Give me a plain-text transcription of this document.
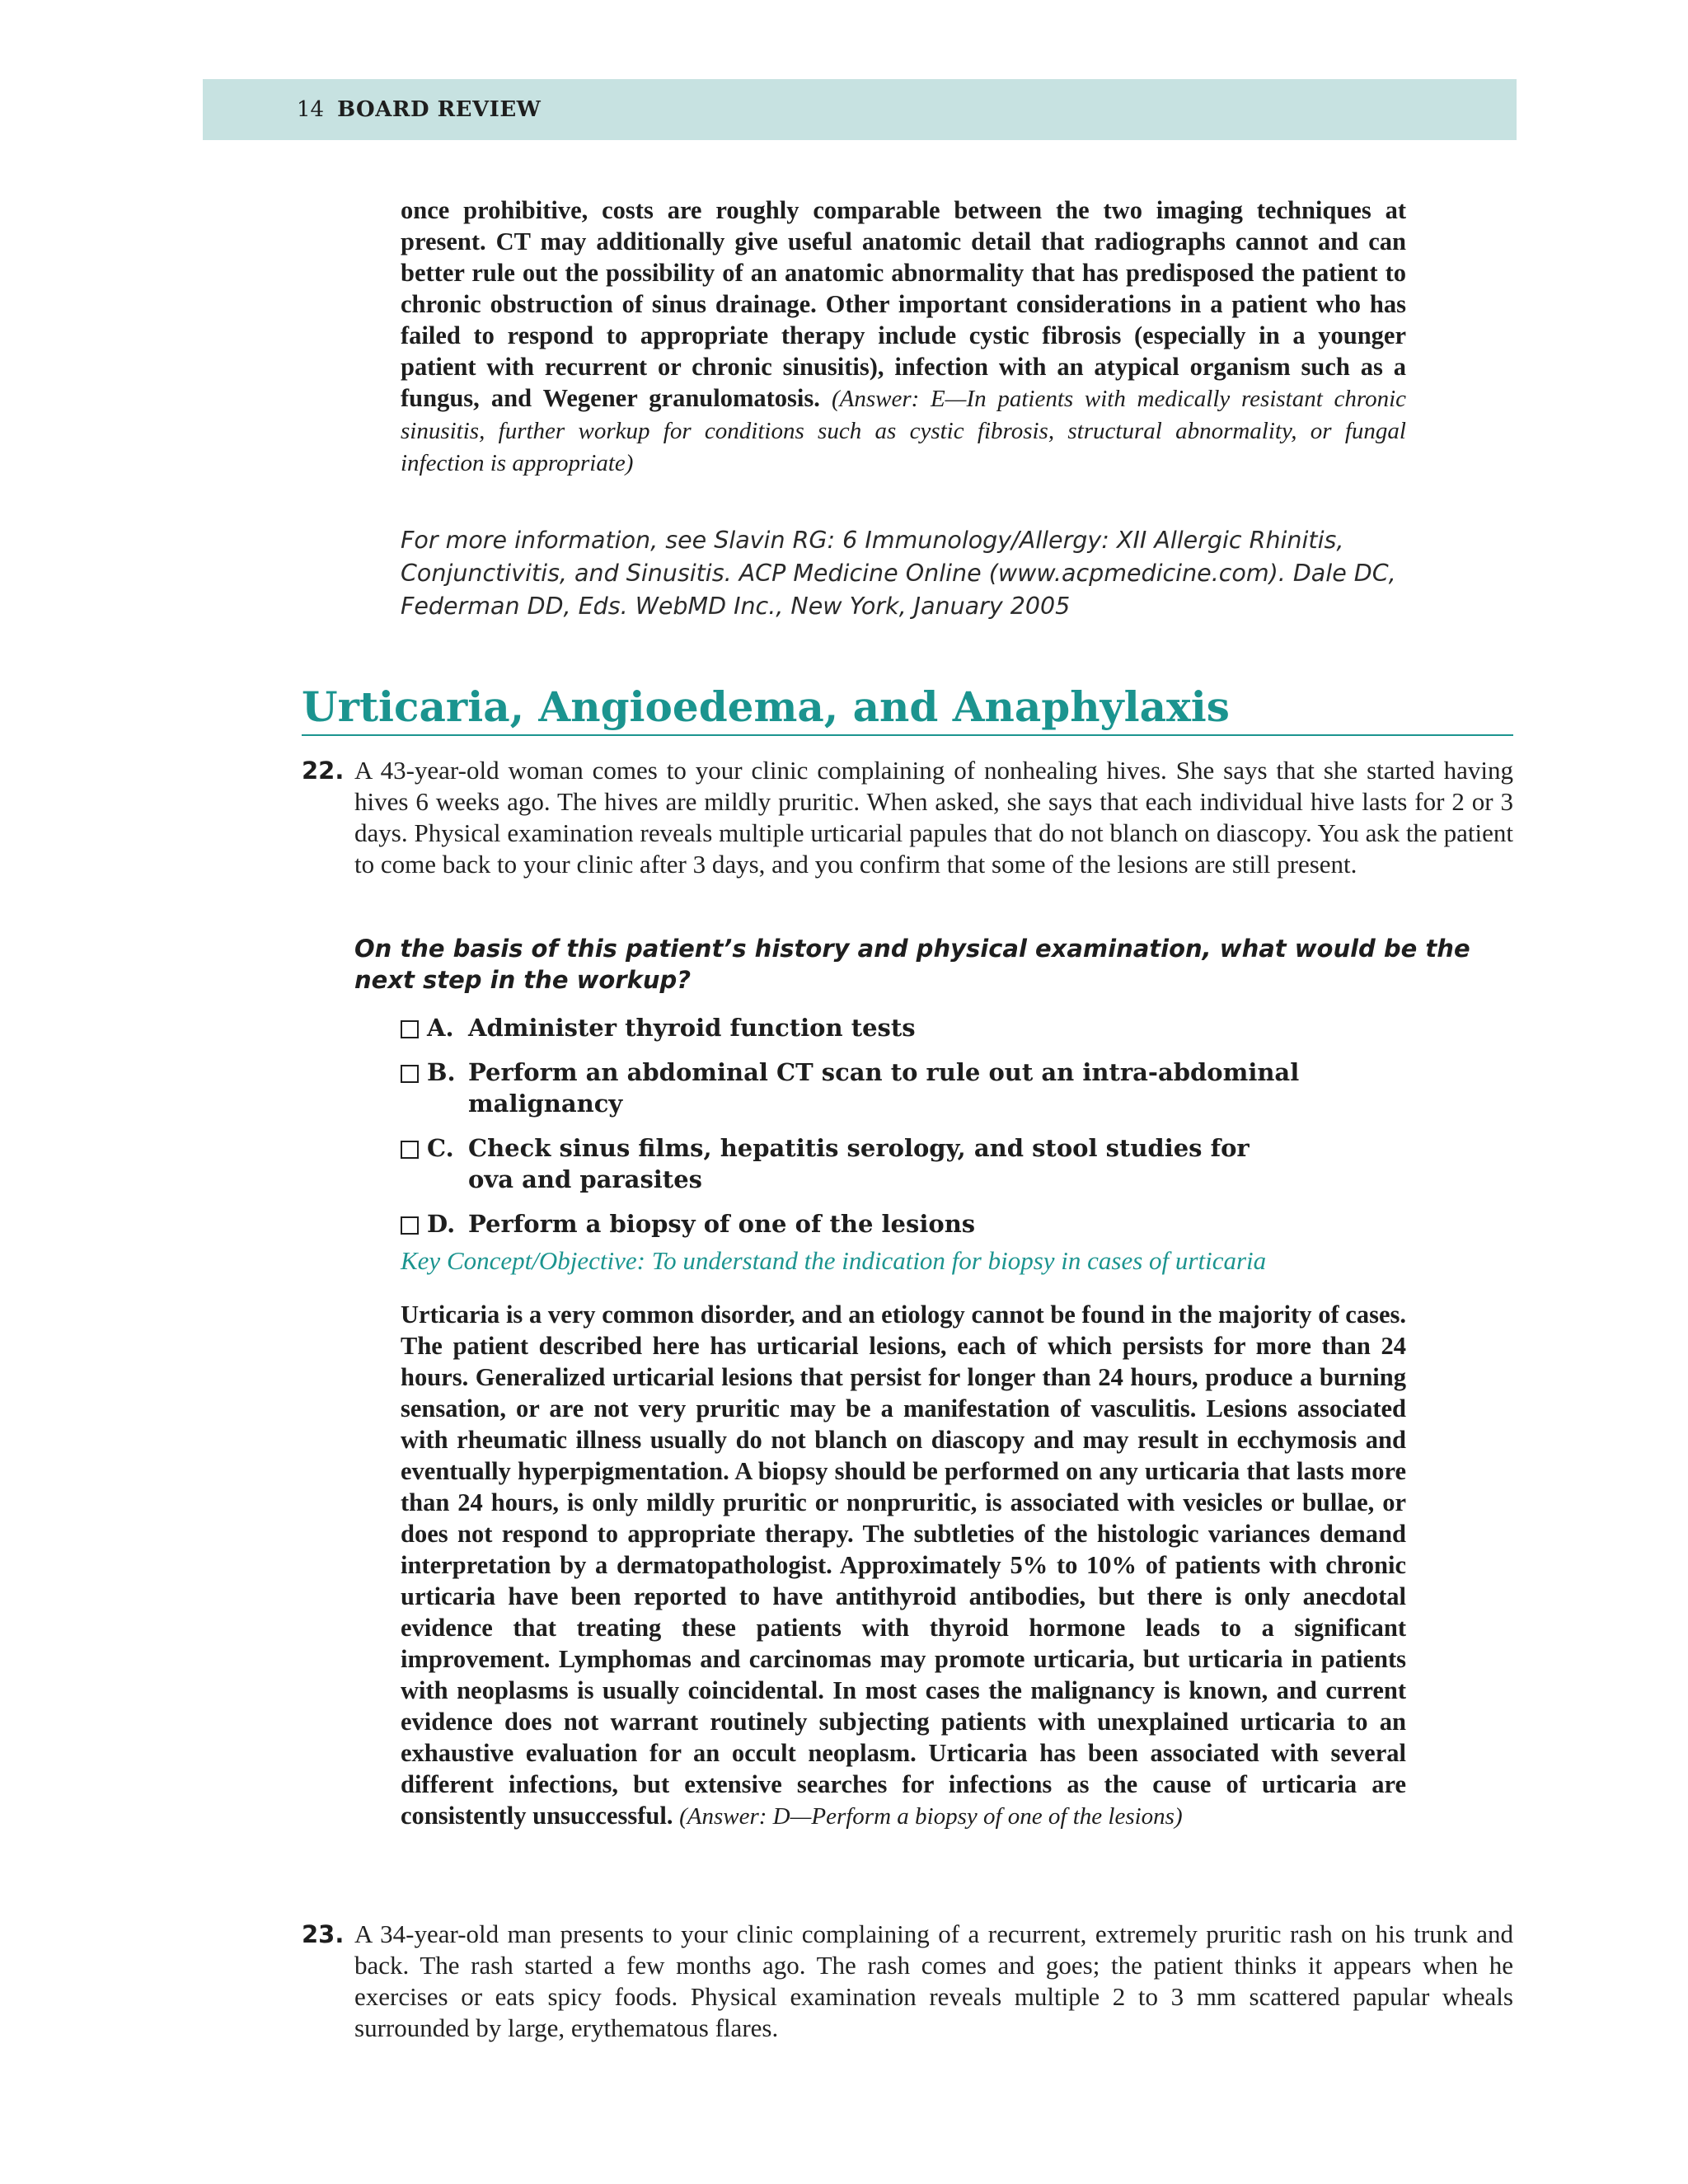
14 BOARD REVIEW

once prohibitive, costs are roughly comparable between the two imaging techniques at present. CT may additionally give useful anatomic detail that radiographs cannot and can better rule out the possibility of an anatomic abnormality that has predisposed the patient to chronic obstruction of sinus drainage. Other important considerations in a patient who has failed to respond to appropriate therapy include cystic fibrosis (especially in a younger patient with recurrent or chronic sinusitis), infection with an atypical organism such as a fungus, and Wegener granulomatosis. (Answer: E—In patients with medically resistant chronic sinusitis, further workup for conditions such as cystic fibrosis, structural abnormality, or fungal infection is appropriate)

For more information, see Slavin RG: 6 Immunology/Allergy: XII Allergic Rhinitis, Conjunctivitis, and Sinusitis. ACP Medicine Online (www.acpmedicine.com). Dale DC, Federman DD, Eds. WebMD Inc., New York, January 2005
Urticaria, Angioedema, and Anaphylaxis
22. A 43-year-old woman comes to your clinic complaining of nonhealing hives. She says that she started having hives 6 weeks ago. The hives are mildly pruritic. When asked, she says that each individual hive lasts for 2 or 3 days. Physical examination reveals multiple urticarial papules that do not blanch on diascopy. You ask the patient to come back to your clinic after 3 days, and you confirm that some of the lesions are still present.
On the basis of this patient’s history and physical examination, what would be the next step in the workup?
A. Administer thyroid function tests
B. Perform an abdominal CT scan to rule out an intra-abdominal malignancy
C. Check sinus films, hepatitis serology, and stool studies for ova and parasites
D. Perform a biopsy of one of the lesions
Key Concept/Objective: To understand the indication for biopsy in cases of urticaria

Urticaria is a very common disorder, and an etiology cannot be found in the majority of cases. The patient described here has urticarial lesions, each of which persists for more than 24 hours. Generalized urticarial lesions that persist for longer than 24 hours, produce a burning sensation, or are not very pruritic may be a manifestation of vasculitis. Lesions associated with rheumatic illness usually do not blanch on diascopy and may result in ecchymosis and eventually hyperpigmentation. A biopsy should be performed on any urticaria that lasts more than 24 hours, is only mildly pruritic or nonpruritic, is associated with vesicles or bullae, or does not respond to appropriate therapy. The subtleties of the histologic variances demand interpretation by a dermatopathologist. Approximately 5% to 10% of patients with chronic urticaria have been reported to have antithyroid antibodies, but there is only anecdotal evidence that treating these patients with thyroid hormone leads to a significant improvement. Lymphomas and carcinomas may promote urticaria, but urticaria in patients with neoplasms is usually coincidental. In most cases the malignancy is known, and current evidence does not warrant routinely subjecting patients with unexplained urticaria to an exhaustive evaluation for an occult neoplasm. Urticaria has been associated with several different infections, but extensive searches for infections as the cause of urticaria are consistently unsuccessful. (Answer: D—Perform a biopsy of one of the lesions)

23. A 34-year-old man presents to your clinic complaining of a recurrent, extremely pruritic rash on his trunk and back. The rash started a few months ago. The rash comes and goes; the patient thinks it appears when he exercises or eats spicy foods. Physical examination reveals multiple 2 to 3 mm scattered papular wheals surrounded by large, erythematous flares.
